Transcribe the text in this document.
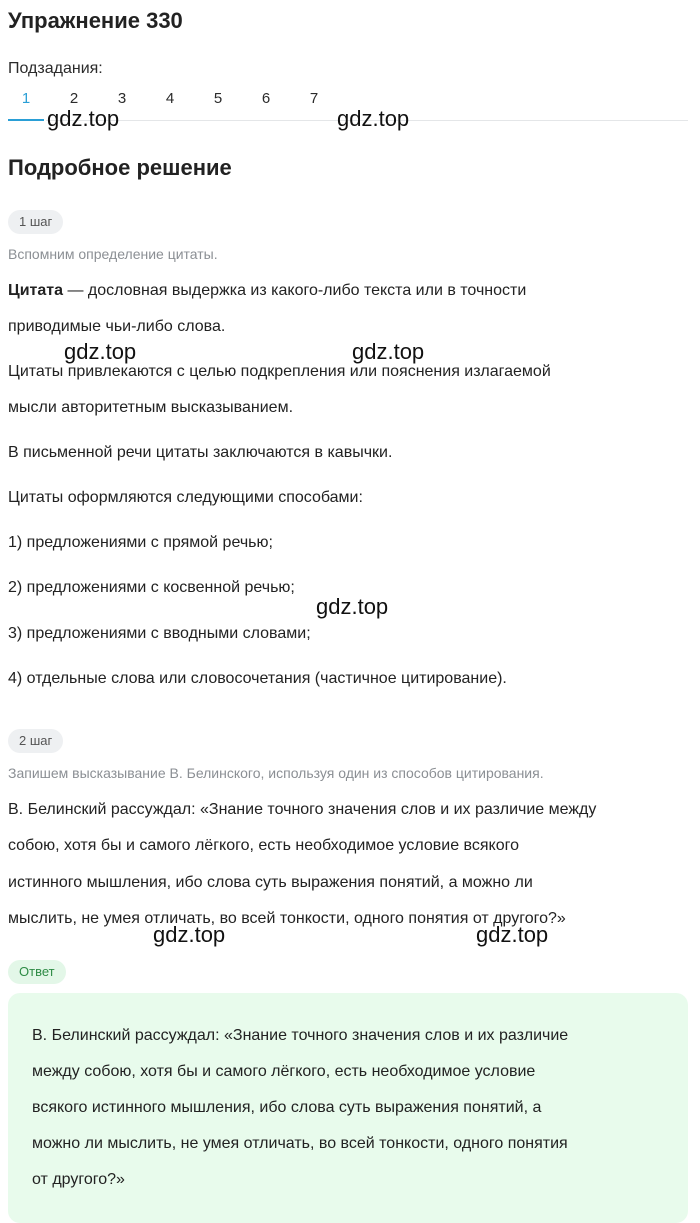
Упражнение 330
Подзадания:
1	2	3	4	5	6	7
Подробное решение
1 шаг
Вспомним определение цитаты.
Цитата — дословная выдержка из какого-либо текста или в точности
приводимые чьи-либо слова.
Цитаты привлекаются с целью подкрепления или пояснения излагаемой
мысли авторитетным высказыванием.
В письменной речи цитаты заключаются в кавычки.
Цитаты оформляются следующими способами:
1) предложениями с прямой речью;
2) предложениями с косвенной речью;
3) предложениями с вводными словами;
4) отдельные слова или словосочетания (частичное цитирование).
2 шаг
Запишем высказывание В. Белинского, используя один из способов цитирования.
В. Белинский рассуждал: «Знание точного значения слов и их различие между
собою, хотя бы и самого лёгкого, есть необходимое условие всякого
истинного мышления, ибо слова суть выражения понятий, а можно ли
мыслить, не умея отличать, во всей тонкости, одного понятия от другого?»
Ответ
В. Белинский рассуждал: «Знание точного значения слов и их различие
между собою, хотя бы и самого лёгкого, есть необходимое условие
всякого истинного мышления, ибо слова суть выражения понятий, а
можно ли мыслить, не умея отличать, во всей тонкости, одного понятия
от другого?»
gdz.top	gdz.top
gdz.top	gdz.top
gdz.top
gdz.top	gdz.top
